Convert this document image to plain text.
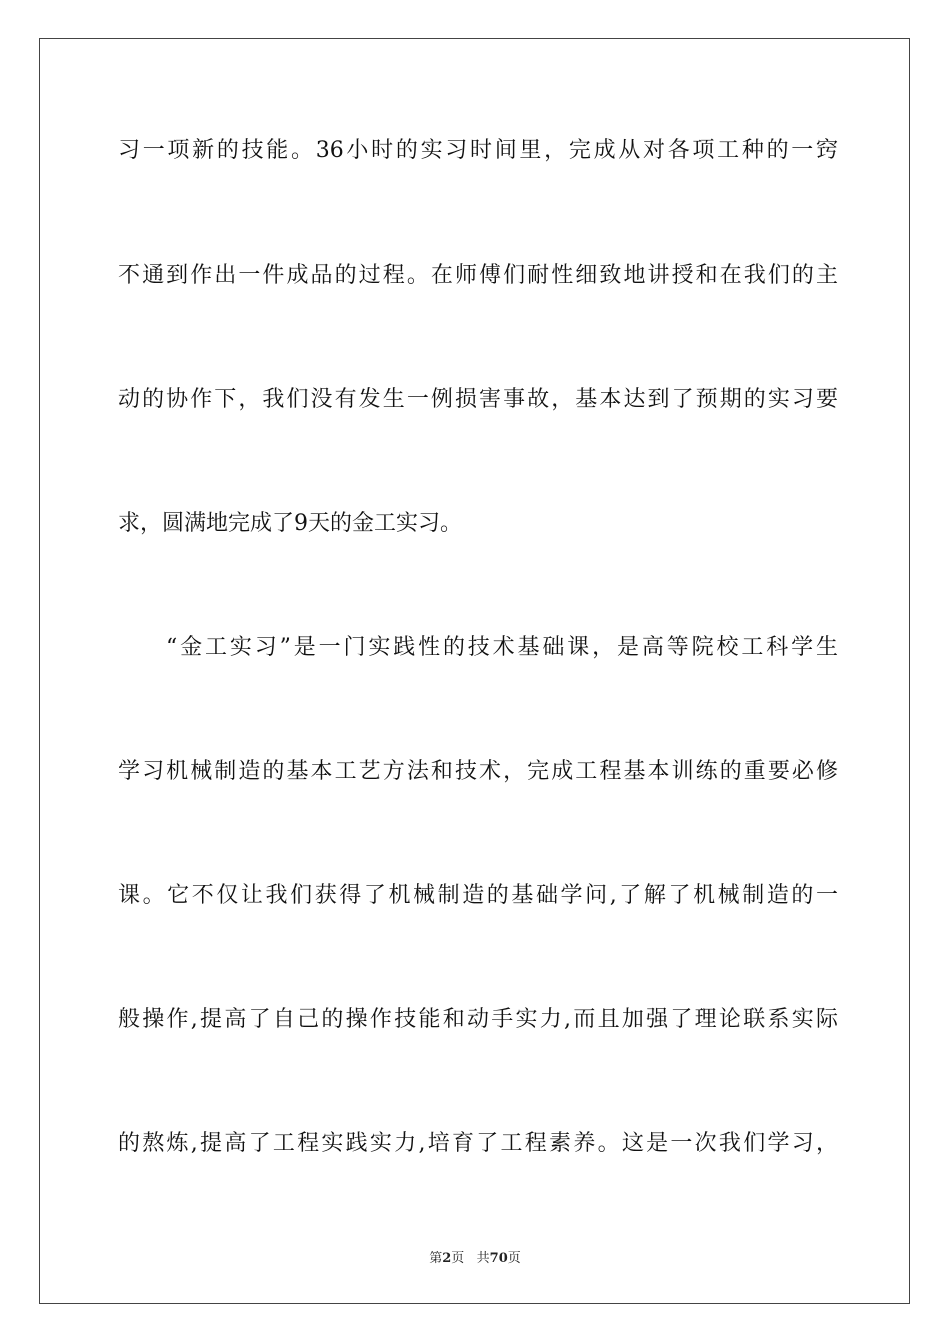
习一项新的技能。36小时的实习时间里，完成从对各项工种的一窍
不通到作出一件成品的过程。在师傅们耐性细致地讲授和在我们的主
动的协作下，我们没有发生一例损害事故，基本达到了预期的实习要
求，圆满地完成了9天的金工实习。
“金工实习”是一门实践性的技术基础课，是高等院校工科学生
学习机械制造的基本工艺方法和技术，完成工程基本训练的重要必修
课。它不仅让我们获得了机械制造的基础学问,了解了机械制造的一
般操作,提高了自己的操作技能和动手实力,而且加强了理论联系实际
的熬炼,提高了工程实践实力,培育了工程素养。这是一次我们学习，
第2页   共70页
